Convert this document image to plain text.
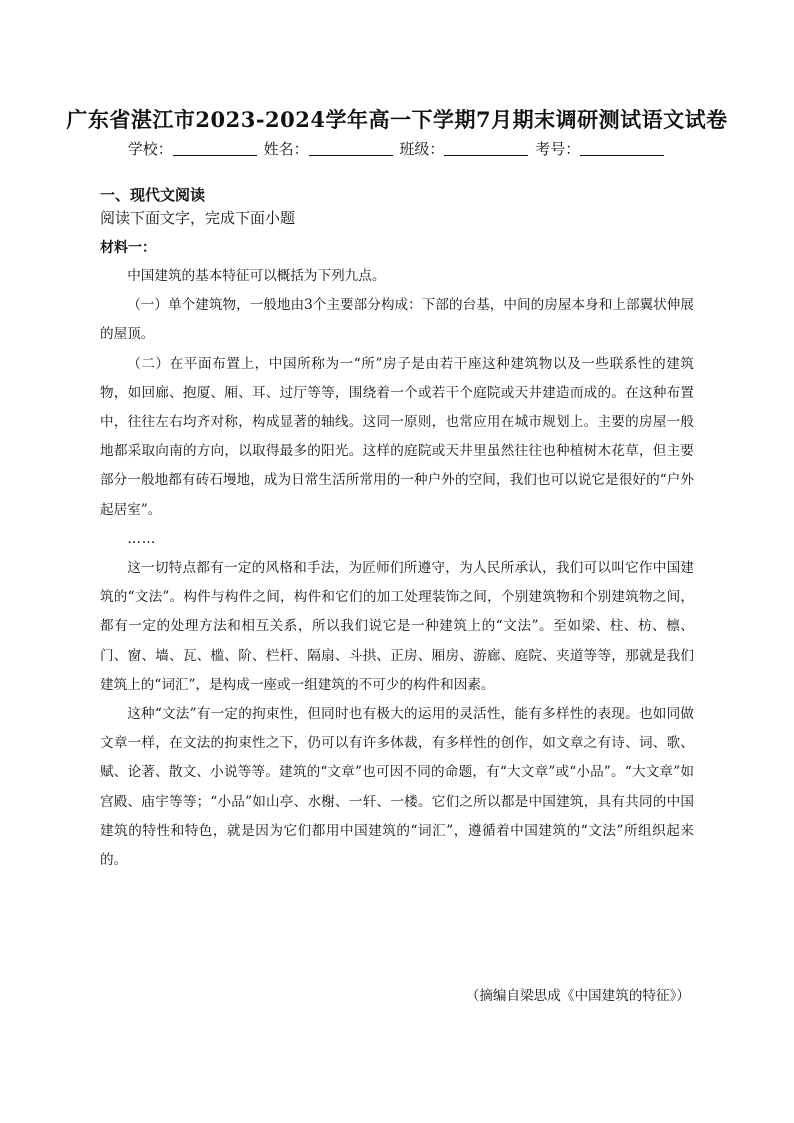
广东省湛江市2023-2024学年高一下学期7月期末调研测试语文试卷
学校：	姓名：	班级：	考号：
一、现代文阅读
阅读下面文字，完成下面小题
材料一：

中国建筑的基本特征可以概括为下列九点。

（一）单个建筑物，一般地由3个主要部分构成：下部的台基，中间的房屋本身和上部翼状伸展的屋顶。

（二）在平面布置上，中国所称为一“所”房子是由若干座这种建筑物以及一些联系性的建筑物，如回廊、抱厦、厢、耳、过厅等等，围绕着一个或若干个庭院或天井建造而成的。在这种布置中，往往左右均齐对称，构成显著的轴线。这同一原则，也常应用在城市规划上。主要的房屋一般地都采取向南的方向，以取得最多的阳光。这样的庭院或天井里虽然往往也种植树木花草，但主要部分一般地都有砖石墁地，成为日常生活所常用的一种户外的空间，我们也可以说它是很好的“户外起居室”。

……

这一切特点都有一定的风格和手法，为匠师们所遵守，为人民所承认，我们可以叫它作中国建筑的“文法”。构件与构件之间，构件和它们的加工处理装饰之间，个别建筑物和个别建筑物之间，都有一定的处理方法和相互关系，所以我们说它是一种建筑上的“文法”。至如梁、柱、枋、檩、门、窗、墙、瓦、槛、阶、栏杆、隔扇、斗拱、正房、厢房、游廊、庭院、夹道等等，那就是我们建筑上的“词汇”，是构成一座或一组建筑的不可少的构件和因素。

这种“文法”有一定的拘束性，但同时也有极大的运用的灵活性，能有多样性的表现。也如同做文章一样，在文法的拘束性之下，仍可以有许多体裁，有多样性的创作，如文章之有诗、词、歌、赋、论著、散文、小说等等。建筑的“文章”也可因不同的命题，有“大文章”或“小品”。“大文章”如宫殿、庙宇等等；“小品”如山亭、水榭、一轩、一楼。它们之所以都是中国建筑，具有共同的中国建筑的特性和特色，就是因为它们都用中国建筑的“词汇”，遵循着中国建筑的“文法”所组织起来的。

（摘编自梁思成《中国建筑的特征》）
